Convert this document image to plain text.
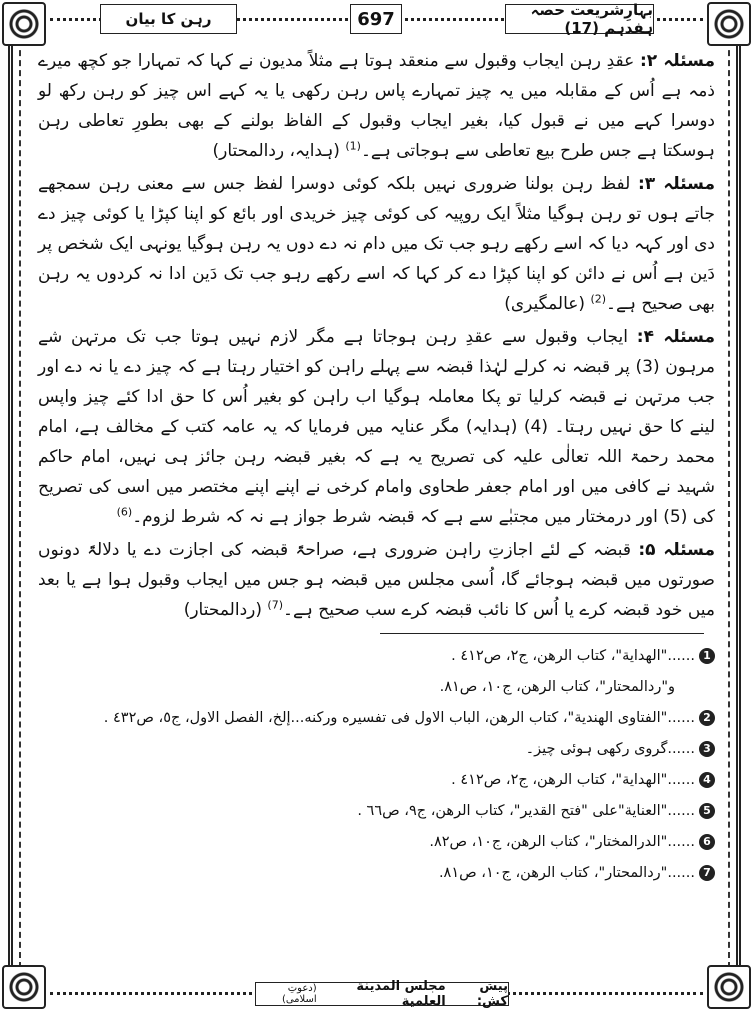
رہن کا بیان	697	بہارِشریعت حصہ ہفدہم (17)

مسئلہ ۲: عقدِ رہن ایجاب وقبول سے منعقد ہوتا ہے مثلاً مدیون نے کہا کہ تمہارا جو کچھ میرے ذمہ ہے اُس کے مقابلہ میں یہ چیز تمہارے پاس رہن رکھی یا یہ کہے اس چیز کو رہن رکھ لو دوسرا کہے میں نے قبول کیا، بغیر ایجاب وقبول کے الفاظ بولنے کے بھی بطورِ تعاطی رہن ہوسکتا ہے جس طرح بیع تعاطی سے ہوجاتی ہے۔$^{(1)}$ (ہدایہ، ردالمحتار)

مسئلہ ۳: لفظ رہن بولنا ضروری نہیں بلکہ کوئی دوسرا لفظ جس سے معنی رہن سمجھے جاتے ہوں تو رہن ہوگیا مثلاً ایک روپیہ کی کوئی چیز خریدی اور بائع کو اپنا کپڑا یا کوئی چیز دے دی اور کہہ دیا کہ اسے رکھے رہو جب تک میں دام نہ دے دوں یہ رہن ہوگیا یونہی ایک شخص پر دَین ہے اُس نے دائن کو اپنا کپڑا دے کر کہا کہ اسے رکھے رہو جب تک دَین ادا نہ کردوں یہ رہن بھی صحیح ہے۔$^{(2)}$ (عالمگیری)

مسئلہ ۴: ایجاب وقبول سے عقدِ رہن ہوجاتا ہے مگر لازم نہیں ہوتا جب تک مرتہن شے مرہون (3) پر قبضہ نہ کرلے لہٰذا قبضہ سے پہلے راہن کو اختیار رہتا ہے کہ چیز دے یا نہ دے اور جب مرتہن نے قبضہ کرلیا تو پکا معاملہ ہوگیا اب راہن کو بغیر اُس کا حق ادا کئے چیز واپس لینے کا حق نہیں رہتا۔ (4) (ہدایہ) مگر عنایہ میں فرمایا کہ یہ عامہ کتب کے مخالف ہے، امام محمد رحمۃ اللہ تعالٰی علیہ کی تصریح یہ ہے کہ بغیر قبضہ رہن جائز ہی نہیں، امام حاکم شہید نے کافی میں اور امام جعفر طحاوی وامام کرخی نے اپنے اپنے مختصر میں اسی کی تصریح کی (5) اور درمختار میں مجتبٰے سے ہے کہ قبضہ شرط جواز ہے نہ کہ شرط لزوم۔$^{(6)}$

مسئلہ ۵: قبضہ کے لئے اجازتِ راہن ضروری ہے، صراحۃً قبضہ کی اجازت دے یا دلالۃً دونوں صورتوں میں قبضہ ہوجائے گا، اُسی مجلس میں قبضہ ہو جس میں ایجاب وقبول ہوا ہے یا بعد میں خود قبضہ کرے یا اُس کا نائب قبضہ کرے سب صحیح ہے۔$^{(7)}$ (ردالمحتار)

1
......"الهداية"، كتاب الرهن، ج٢، ص٤١٢ .
و"ردالمحتار"، كتاب الرهن، ج١٠، ص٨١.
2
......"الفتاوى الهندية"، كتاب الرهن، الباب الاول فى تفسيره وركنه...إلخ، الفصل الاول، ج٥، ص٤٣٢ .
3
......گروی رکھی ہوئی چیز۔
4
......"الهداية"، كتاب الرهن، ج٢، ص٤١٢ .
5
......"العناية"على "فتح القدير"، كتاب الرهن، ج٩، ص٦٦ .
6
......"الدرالمختار"، كتاب الرهن، ج١٠، ص٨٢.
7
......"ردالمحتار"، كتاب الرهن، ج١٠، ص٨١.
پیش کش:
مجلس المدينة العلمية
(دعوتِ اسلامی)
